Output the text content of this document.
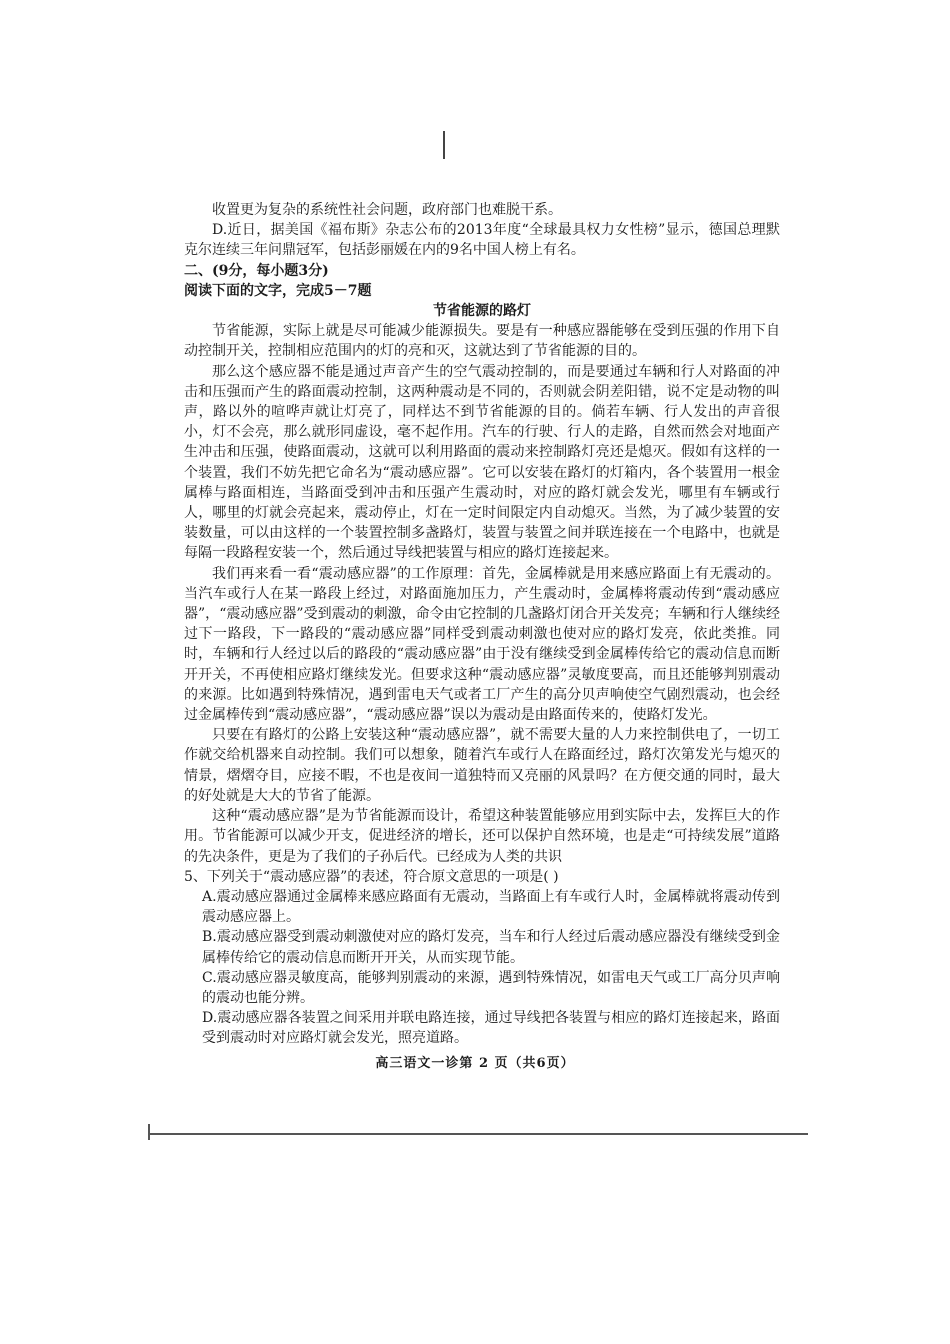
收置更为复杂的系统性社会问题，政府部门也难脱干系。

D.近日，据美国《福布斯》杂志公布的2013年度“全球最具权力女性榜”显示，德国总理默克尔连续三年问鼎冠军，包括彭丽媛在内的9名中国人榜上有名。

二、(9分，每小题3分)

阅读下面的文字，完成5－7题

节省能源的路灯

节省能源，实际上就是尽可能减少能源损失。要是有一种感应器能够在受到压强的作用下自动控制开关，控制相应范围内的灯的亮和灭，这就达到了节省能源的目的。

那么这个感应器不能是通过声音产生的空气震动控制的，而是要通过车辆和行人对路面的冲击和压强而产生的路面震动控制，这两种震动是不同的，否则就会阴差阳错，说不定是动物的叫声，路以外的喧哗声就让灯亮了，同样达不到节省能源的目的。倘若车辆、行人发出的声音很小，灯不会亮，那么就形同虚设，毫不起作用。汽车的行驶、行人的走路，自然而然会对地面产生冲击和压强，使路面震动，这就可以利用路面的震动来控制路灯亮还是熄灭。假如有这样的一个装置，我们不妨先把它命名为“震动感应器”。它可以安装在路灯的灯箱内，各个装置用一根金属棒与路面相连，当路面受到冲击和压强产生震动时，对应的路灯就会发光，哪里有车辆或行人，哪里的灯就会亮起来，震动停止，灯在一定时间限定内自动熄灭。当然，为了减少装置的安装数量，可以由这样的一个装置控制多盏路灯，装置与装置之间并联连接在一个电路中，也就是每隔一段路程安装一个，然后通过导线把装置与相应的路灯连接起来。

我们再来看一看“震动感应器”的工作原理：首先，金属棒就是用来感应路面上有无震动的。当汽车或行人在某一路段上经过，对路面施加压力，产生震动时，金属棒将震动传到“震动感应器”，“震动感应器”受到震动的刺激，命令由它控制的几盏路灯闭合开关发亮；车辆和行人继续经过下一路段，下一路段的“震动感应器”同样受到震动刺激也使对应的路灯发亮，依此类推。同时，车辆和行人经过以后的路段的“震动感应器”由于没有继续受到金属棒传给它的震动信息而断开开关，不再使相应路灯继续发光。但要求这种“震动感应器”灵敏度要高，而且还能够判别震动的来源。比如遇到特殊情况，遇到雷电天气或者工厂产生的高分贝声响使空气剧烈震动，也会经过金属棒传到“震动感应器”，“震动感应器”误以为震动是由路面传来的，使路灯发光。

只要在有路灯的公路上安装这种“震动感应器”，就不需要大量的人力来控制供电了，一切工作就交给机器来自动控制。我们可以想象，随着汽车或行人在路面经过，路灯次第发光与熄灭的情景，熠熠夺目，应接不暇，不也是夜间一道独特而又亮丽的风景吗？在方便交通的同时，最大的好处就是大大的节省了能源。

这种“震动感应器”是为节省能源而设计，希望这种装置能够应用到实际中去，发挥巨大的作用。节省能源可以减少开支，促进经济的增长，还可以保护自然环境，也是走“可持续发展”道路的先决条件，更是为了我们的子孙后代。已经成为人类的共识

5、下列关于“震动感应器”的表述，符合原文意思的一项是( )

A.震动感应器通过金属棒来感应路面有无震动，当路面上有车或行人时，金属棒就将震动传到震动感应器上。

B.震动感应器受到震动刺激使对应的路灯发亮，当车和行人经过后震动感应器没有继续受到金属棒传给它的震动信息而断开开关，从而实现节能。

C.震动感应器灵敏度高，能够判别震动的来源，遇到特殊情况，如雷电天气或工厂高分贝声响的震动也能分辨。

D.震动感应器各装置之间采用并联电路连接，通过导线把各装置与相应的路灯连接起来，路面受到震动时对应路灯就会发光，照亮道路。

高三语文一诊第 2 页（共6页）
